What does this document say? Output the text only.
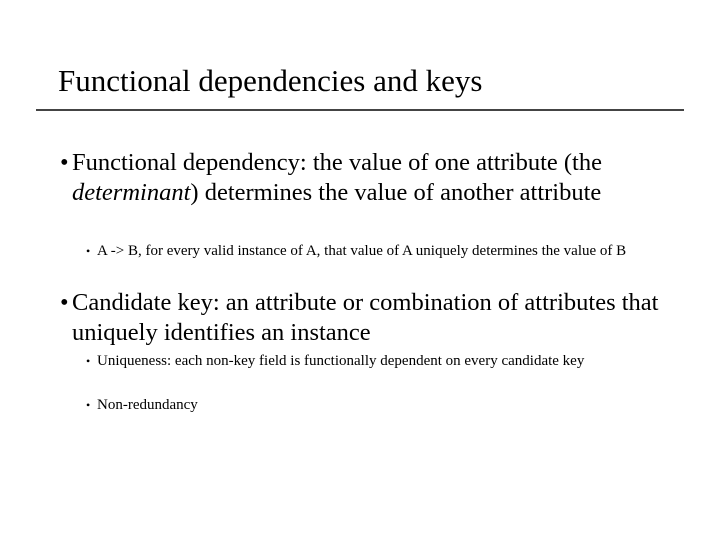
Functional dependencies and keys
• Functional dependency: the value of one attribute (the determinant) determines the value of another attribute
• A -> B, for every valid instance of A, that value of A uniquely determines the value of B
• Candidate key: an attribute or combination of attributes that uniquely identifies an instance
• Uniqueness: each non-key field is functionally dependent on every candidate key
• Non-redundancy
